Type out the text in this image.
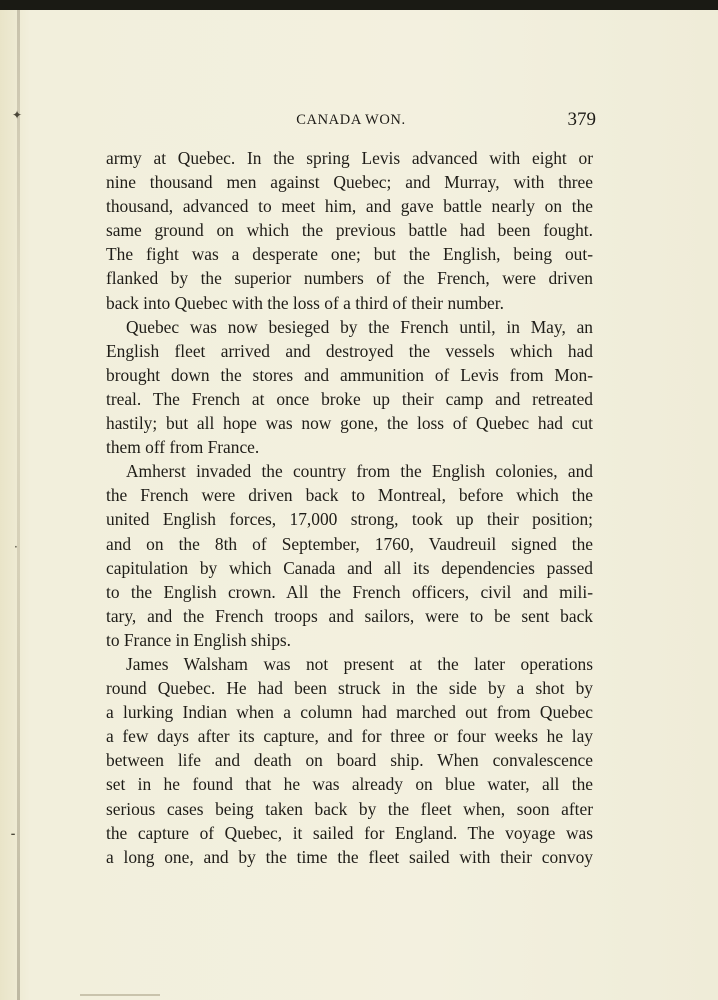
✦
·
⁃
CANADA WON.	379
army at Quebec. In the spring Levis advanced with eight or
nine thousand men against Quebec; and Murray, with three
thousand, advanced to meet him, and gave battle nearly on the
same ground on which the previous battle had been fought.
The fight was a desperate one; but the English, being out-
flanked by the superior numbers of the French, were driven
back into Quebec with the loss of a third of their number.
Quebec was now besieged by the French until, in May, an
English fleet arrived and destroyed the vessels which had
brought down the stores and ammunition of Levis from Mon-
treal. The French at once broke up their camp and retreated
hastily; but all hope was now gone, the loss of Quebec had cut
them off from France.
Amherst invaded the country from the English colonies, and
the French were driven back to Montreal, before which the
united English forces, 17,000 strong, took up their position;
and on the 8th of September, 1760, Vaudreuil signed the
capitulation by which Canada and all its dependencies passed
to the English crown. All the French officers, civil and mili-
tary, and the French troops and sailors, were to be sent back
to France in English ships.
James Walsham was not present at the later operations
round Quebec. He had been struck in the side by a shot by
a lurking Indian when a column had marched out from Quebec
a few days after its capture, and for three or four weeks he lay
between life and death on board ship. When convalescence
set in he found that he was already on blue water, all the
serious cases being taken back by the fleet when, soon after
the capture of Quebec, it sailed for England. The voyage was
a long one, and by the time the fleet sailed with their convoy
